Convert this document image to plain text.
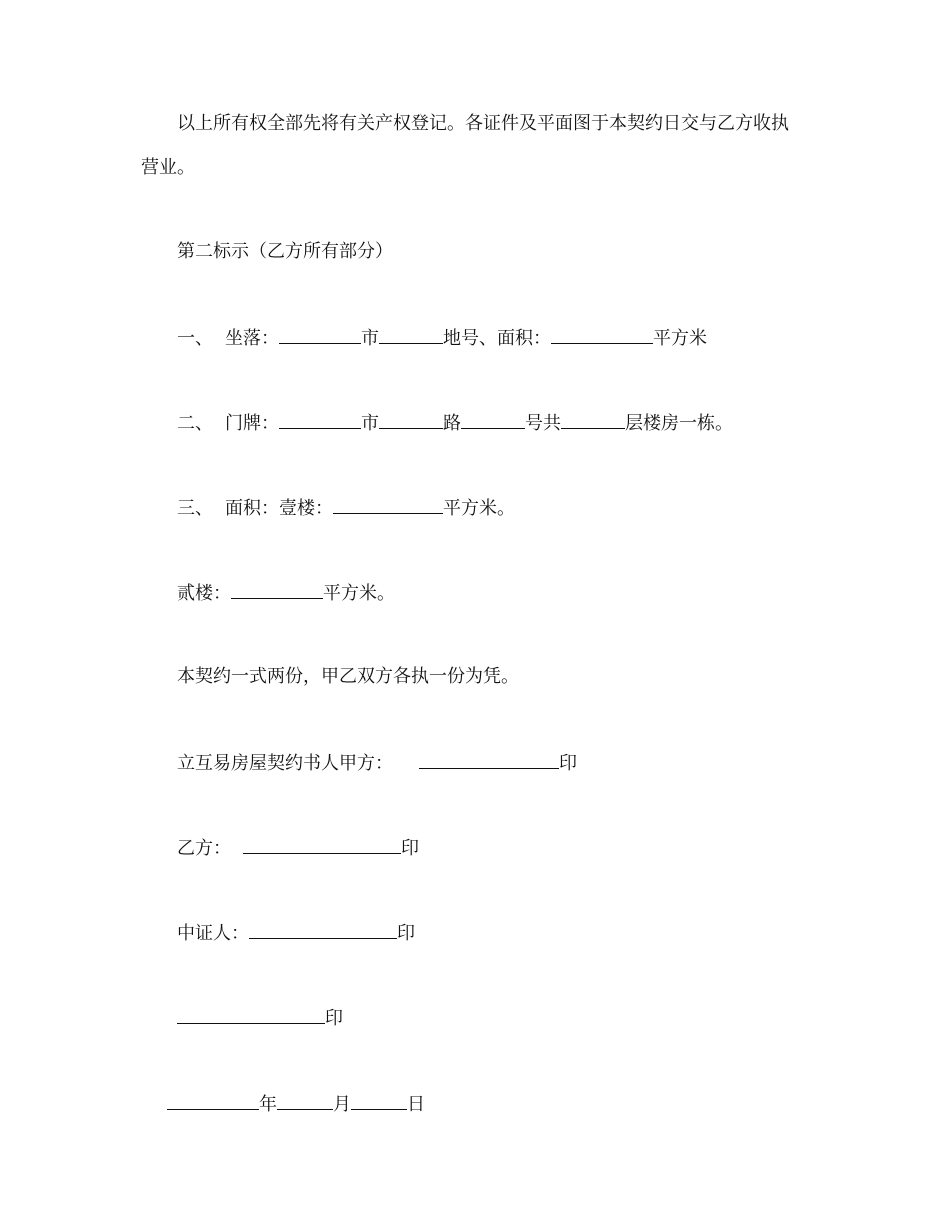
以上所有权全部先将有关产权登记。各证件及平面图于本契约日交与乙方收执
营业。
第二标示（乙方所有部分）
一、 坐落：	市	地号、面积：	平方米
二、 门牌：	市	路	号共	层楼房一栋。
三、 面积：壹楼：	平方米。
贰楼：	平方米。
本契约一式两份，甲乙双方各执一份为凭。
立互易房屋契约书人甲方：	印
乙方：	印
中证人：	印
印
年	月	日
